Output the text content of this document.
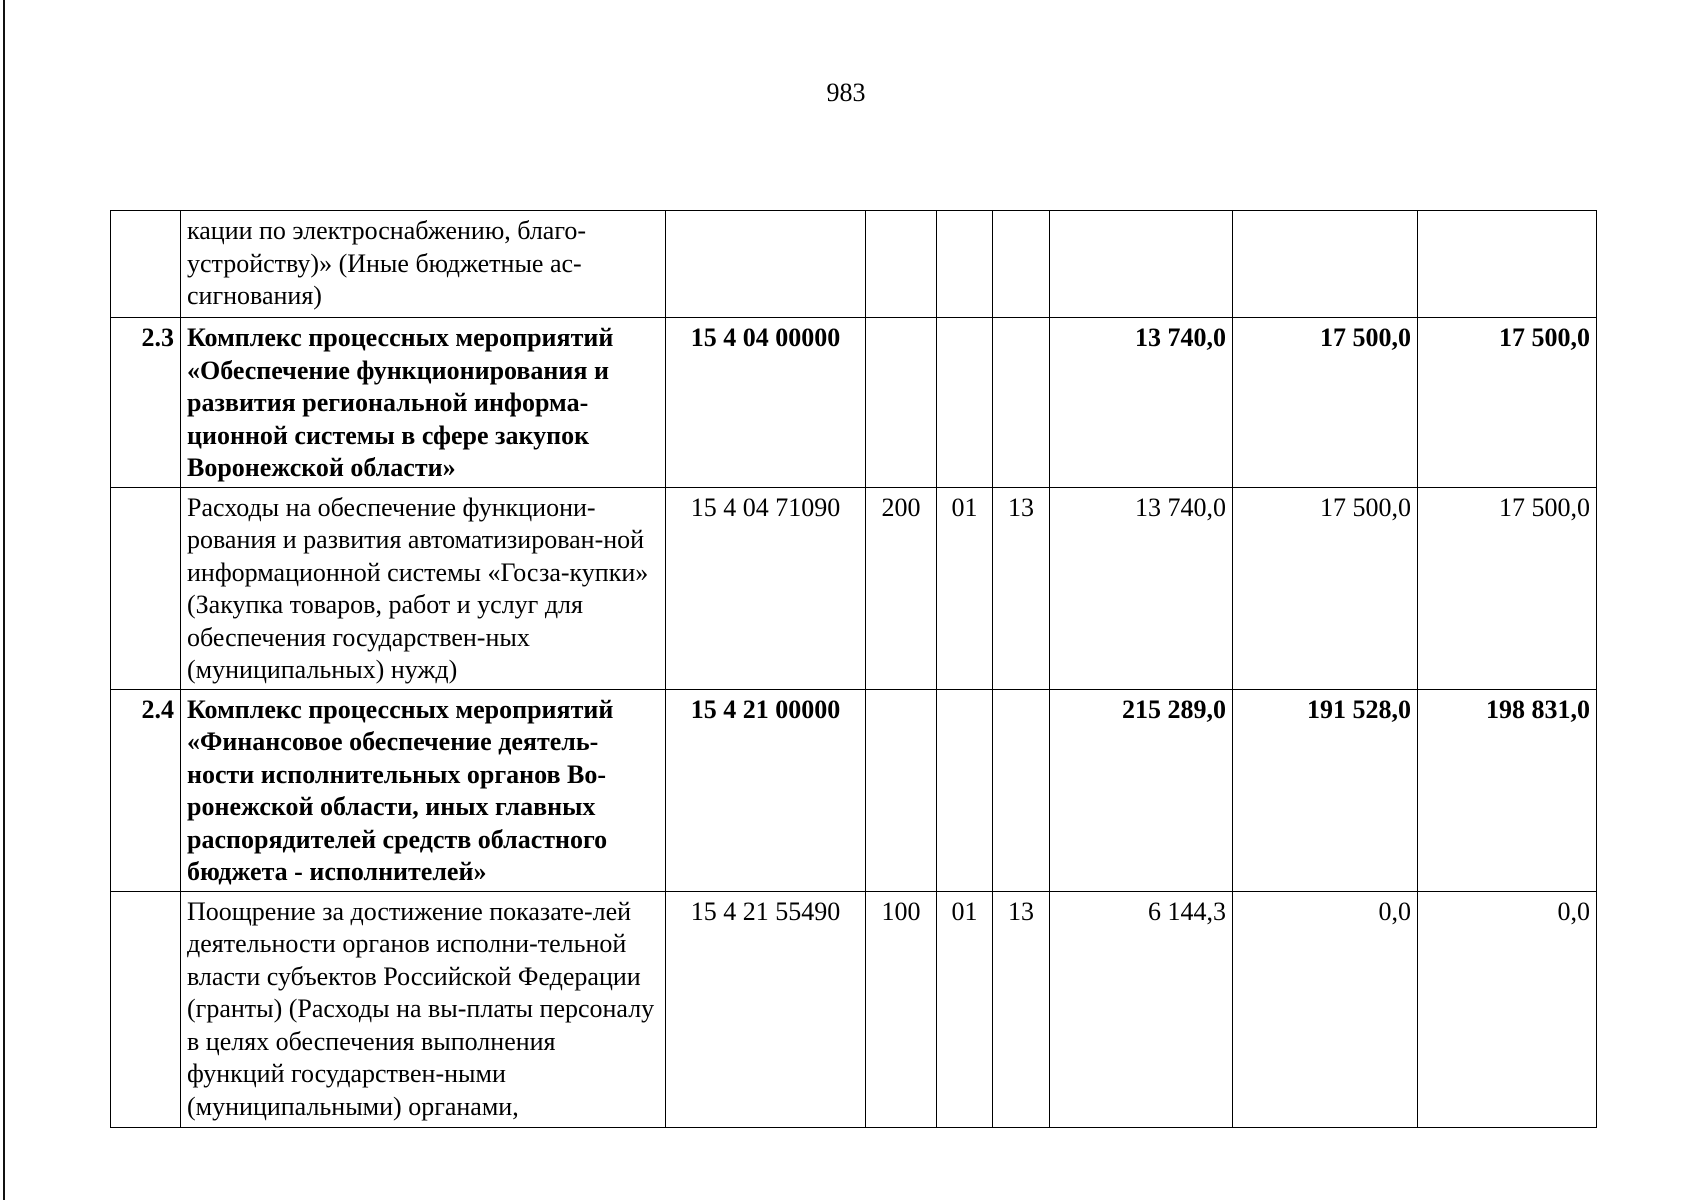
983
	кации по электроснабжению, благо-устройству)» (Иные бюджетные ас-сигнования)							
2.3	Комплекс процессных мероприятий «Обеспечение функционирования и развития региональной информа-ционной системы в сфере закупок Воронежской области»	15 4 04 00000				13 740,0	17 500,0	17 500,0
	Расходы на обеспечение функциони-рования и развития автоматизирован-ной информационной системы «Госза-купки» (Закупка товаров, работ и услуг для обеспечения государствен-ных (муниципальных) нужд)	15 4 04 71090	200	01	13	13 740,0	17 500,0	17 500,0
2.4	Комплекс процессных мероприятий «Финансовое обеспечение деятель-ности исполнительных органов Во-ронежской области, иных главных распорядителей средств областного бюджета - исполнителей»	15 4 21 00000				215 289,0	191 528,0	198 831,0
	Поощрение за достижение показате-лей деятельности органов исполни-тельной власти субъектов Российской Федерации (гранты) (Расходы на вы-платы персоналу в целях обеспечения выполнения функций государствен-ными (муниципальными) органами,	15 4 21 55490	100	01	13	6 144,3	0,0	0,0
